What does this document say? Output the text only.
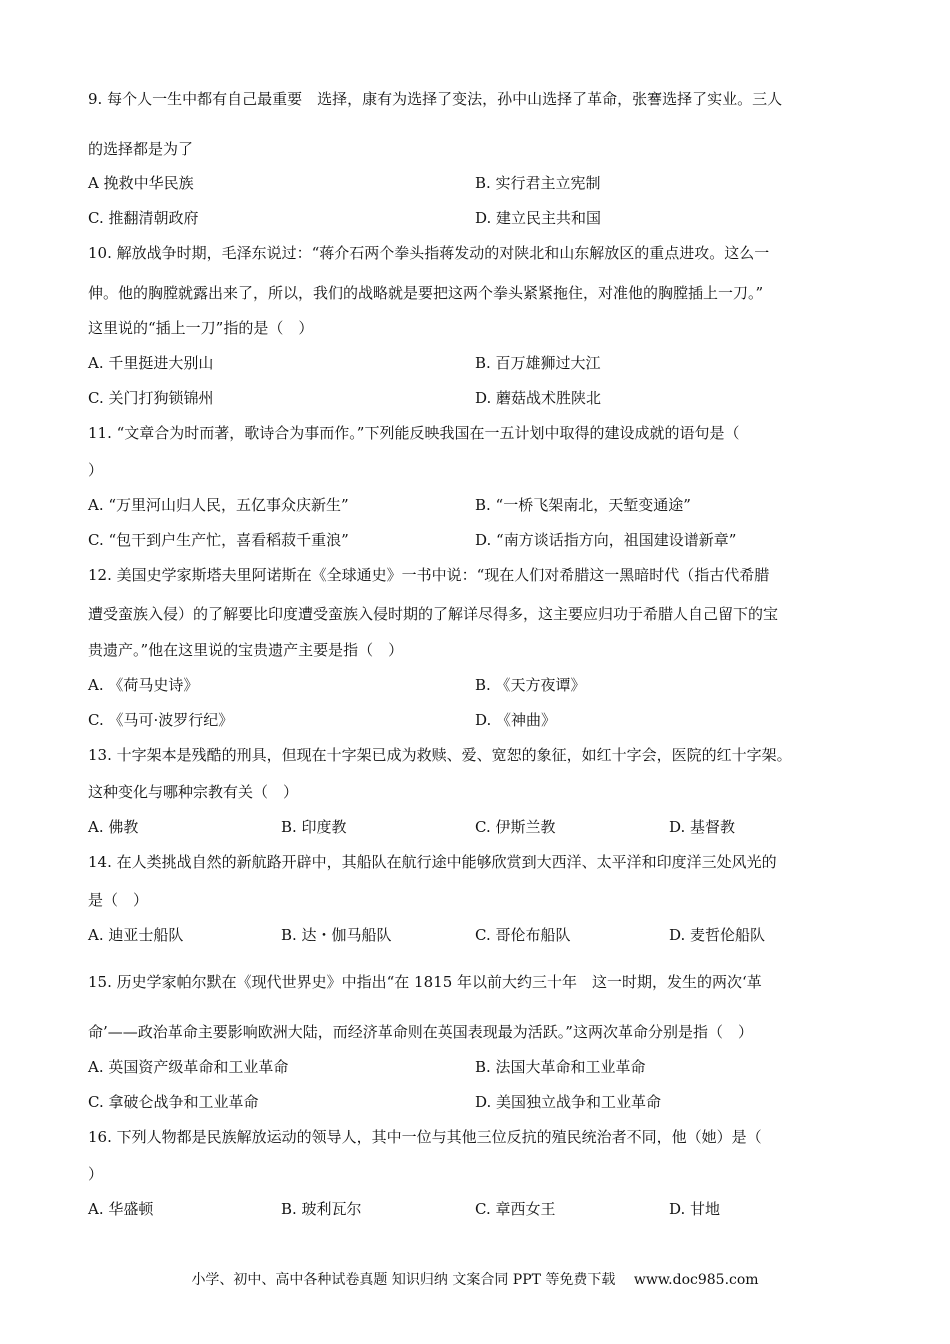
9. 每个人一生中都有自己最重要　选择，康有为选择了变法，孙中山选择了革命，张謇选择了实业。三人
的选择都是为了
A 挽救中华民族	B. 实行君主立宪制
C. 推翻清朝政府	D. 建立民主共和国
10. 解放战争时期，毛泽东说过：“蒋介石两个拳头指蒋发动的对陕北和山东解放区的重点进攻。这么一
伸。他的胸膛就露出来了，所以，我们的战略就是要把这两个拳头紧紧拖住，对准他的胸膛插上一刀。”
这里说的“插上一刀”指的是（　）
A. 千里挺进大别山	B. 百万雄狮过大江
C. 关门打狗锁锦州	D. 蘑菇战术胜陕北
11. “文章合为时而著，歌诗合为事而作。”下列能反映我国在一五计划中取得的建设成就的语句是（
）
A. “万里河山归人民，五亿事众庆新生”	B. “一桥飞架南北，天堑变通途”
C. “包干到户生产忙，喜看稻菽千重浪”	D. “南方谈话指方向，祖国建设谱新章”
12. 美国史学家斯塔夫里阿诺斯在《全球通史》一书中说：“现在人们对希腊这一黑暗时代（指古代希腊
遭受蛮族入侵）的了解要比印度遭受蛮族入侵时期的了解详尽得多，这主要应归功于希腊人自己留下的宝
贵遗产。”他在这里说的宝贵遗产主要是指（　）
A. 《荷马史诗》	B. 《天方夜谭》
C. 《马可·波罗行纪》	D. 《神曲》
13. 十字架本是残酷的刑具，但现在十字架已成为救赎、爱、宽恕的象征，如红十字会，医院的红十字架。
这种变化与哪种宗教有关（　）
A. 佛教	B. 印度教	C. 伊斯兰教	D. 基督教
14. 在人类挑战自然的新航路开辟中，其船队在航行途中能够欣赏到大西洋、太平洋和印度洋三处风光的
是（　）
A. 迪亚士船队	B. 达・伽马船队	C. 哥伦布船队	D. 麦哲伦船队
15. 历史学家帕尔默在《现代世界史》中指出“在 1815 年以前大约三十年　这一时期，发生的两次‘革
命’——政治革命主要影响欧洲大陆，而经济革命则在英国表现最为活跃。”这两次革命分别是指（　）
A. 英国资产级革命和工业革命	B. 法国大革命和工业革命
C. 拿破仑战争和工业革命	D. 美国独立战争和工业革命
16. 下列人物都是民族解放运动的领导人，其中一位与其他三位反抗的殖民统治者不同，他（她）是（
）
A. 华盛顿	B. 玻利瓦尔	C. 章西女王	D. 甘地
小学、初中、高中各种试卷真题 知识归纳 文案合同 PPT 等免费下载 www.doc985.com
